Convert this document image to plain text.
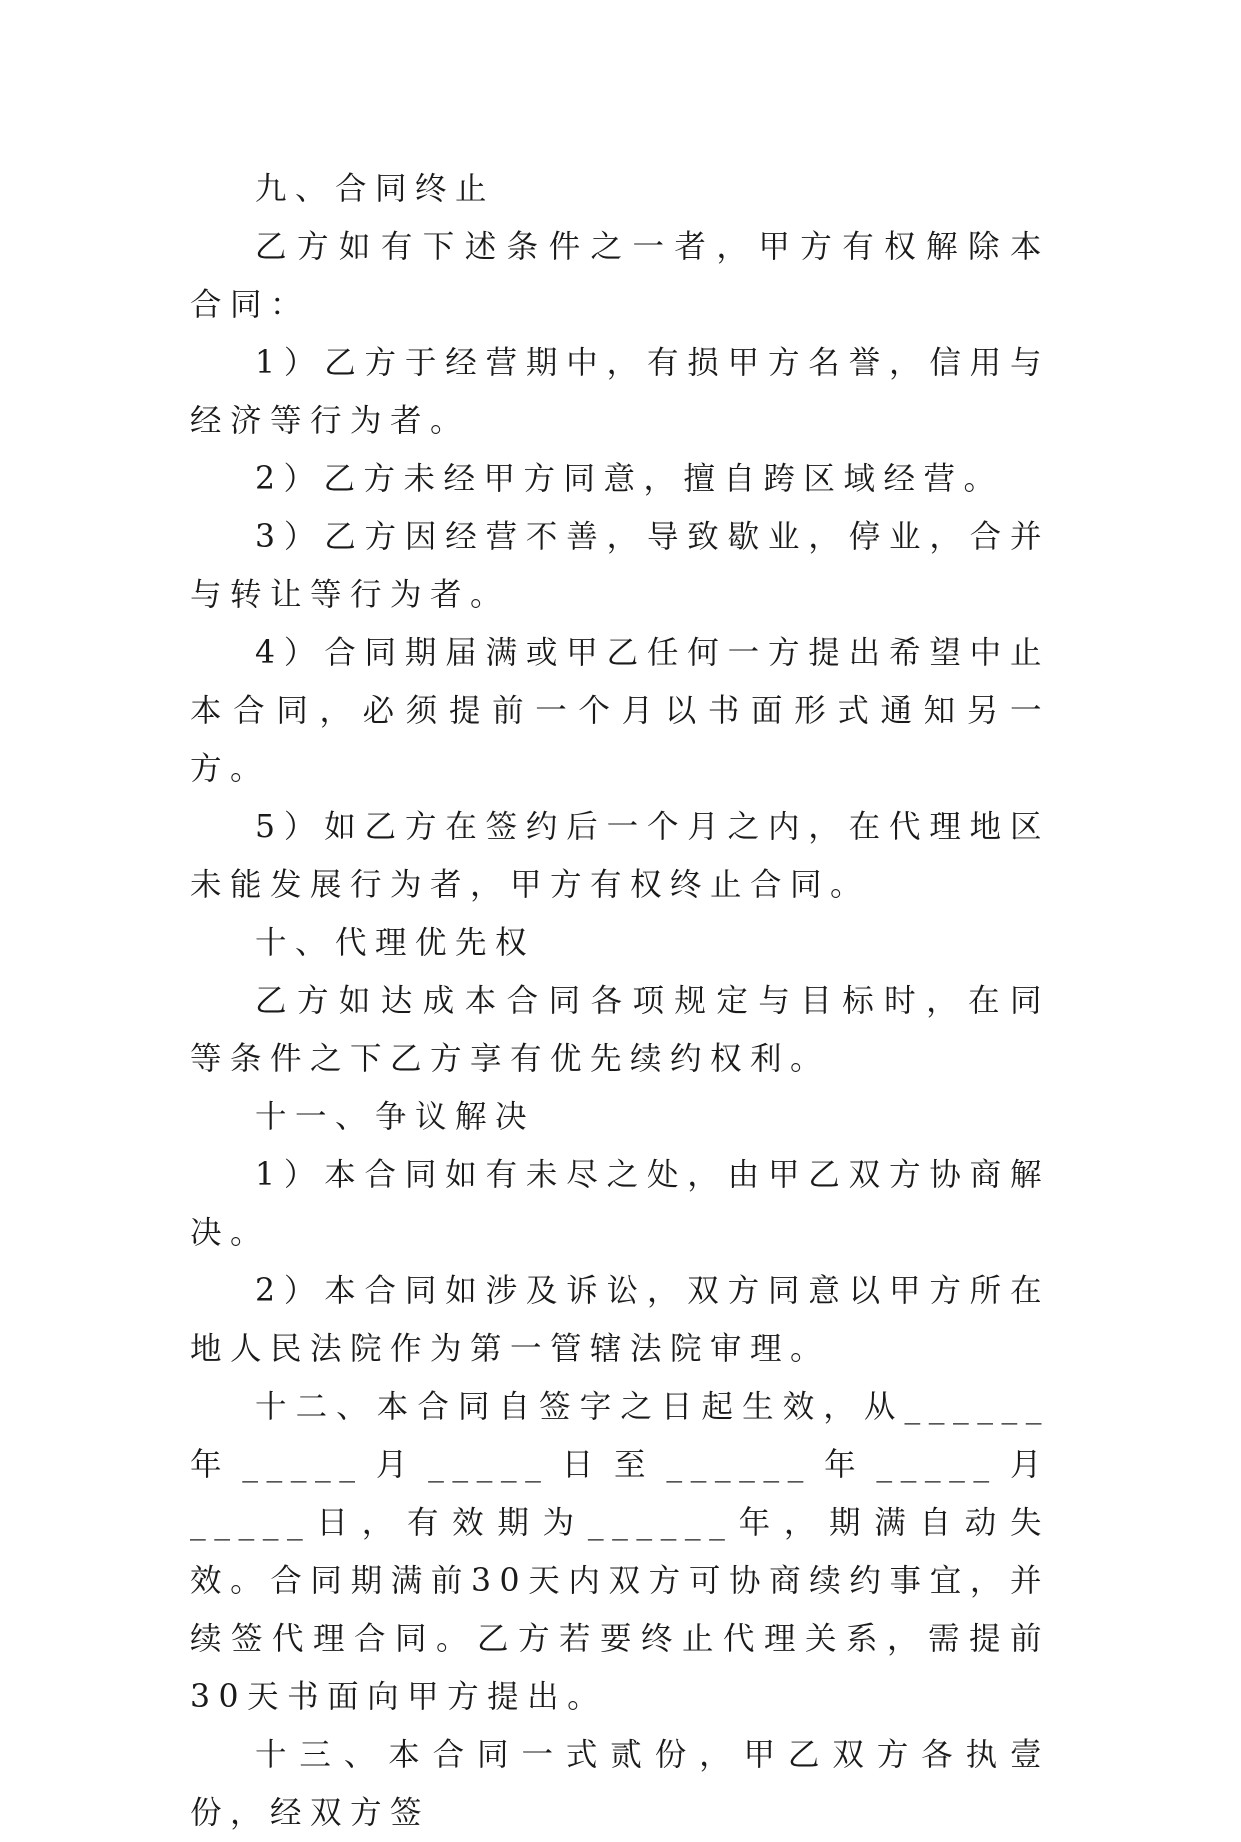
九、合同终止

乙方如有下述条件之一者，甲方有权解除本合同：

1）乙方于经营期中，有损甲方名誉，信用与经济等行为者。

2）乙方未经甲方同意，擅自跨区域经营。

3）乙方因经营不善，导致歇业，停业，合并与转让等行为者。

4）合同期届满或甲乙任何一方提出希望中止本合同，必须提前一个月以书面形式通知另一方。

5）如乙方在签约后一个月之内，在代理地区未能发展行为者，甲方有权终止合同。

十、代理优先权

乙方如达成本合同各项规定与目标时，在同等条件之下乙方享有优先续约权利。

十一、争议解决

1）本合同如有未尽之处，由甲乙双方协商解决。

2）本合同如涉及诉讼，双方同意以甲方所在地人民法院作为第一管辖法院审理。

十二、本合同自签字之日起生效，从______年_____月_____日至______年_____月_____日，有效期为______年，期满自动失效。合同期满前30天内双方可协商续约事宜，并续签代理合同。乙方若要终止代理关系，需提前30天书面向甲方提出。

十三、本合同一式贰份，甲乙双方各执壹份，经双方签
